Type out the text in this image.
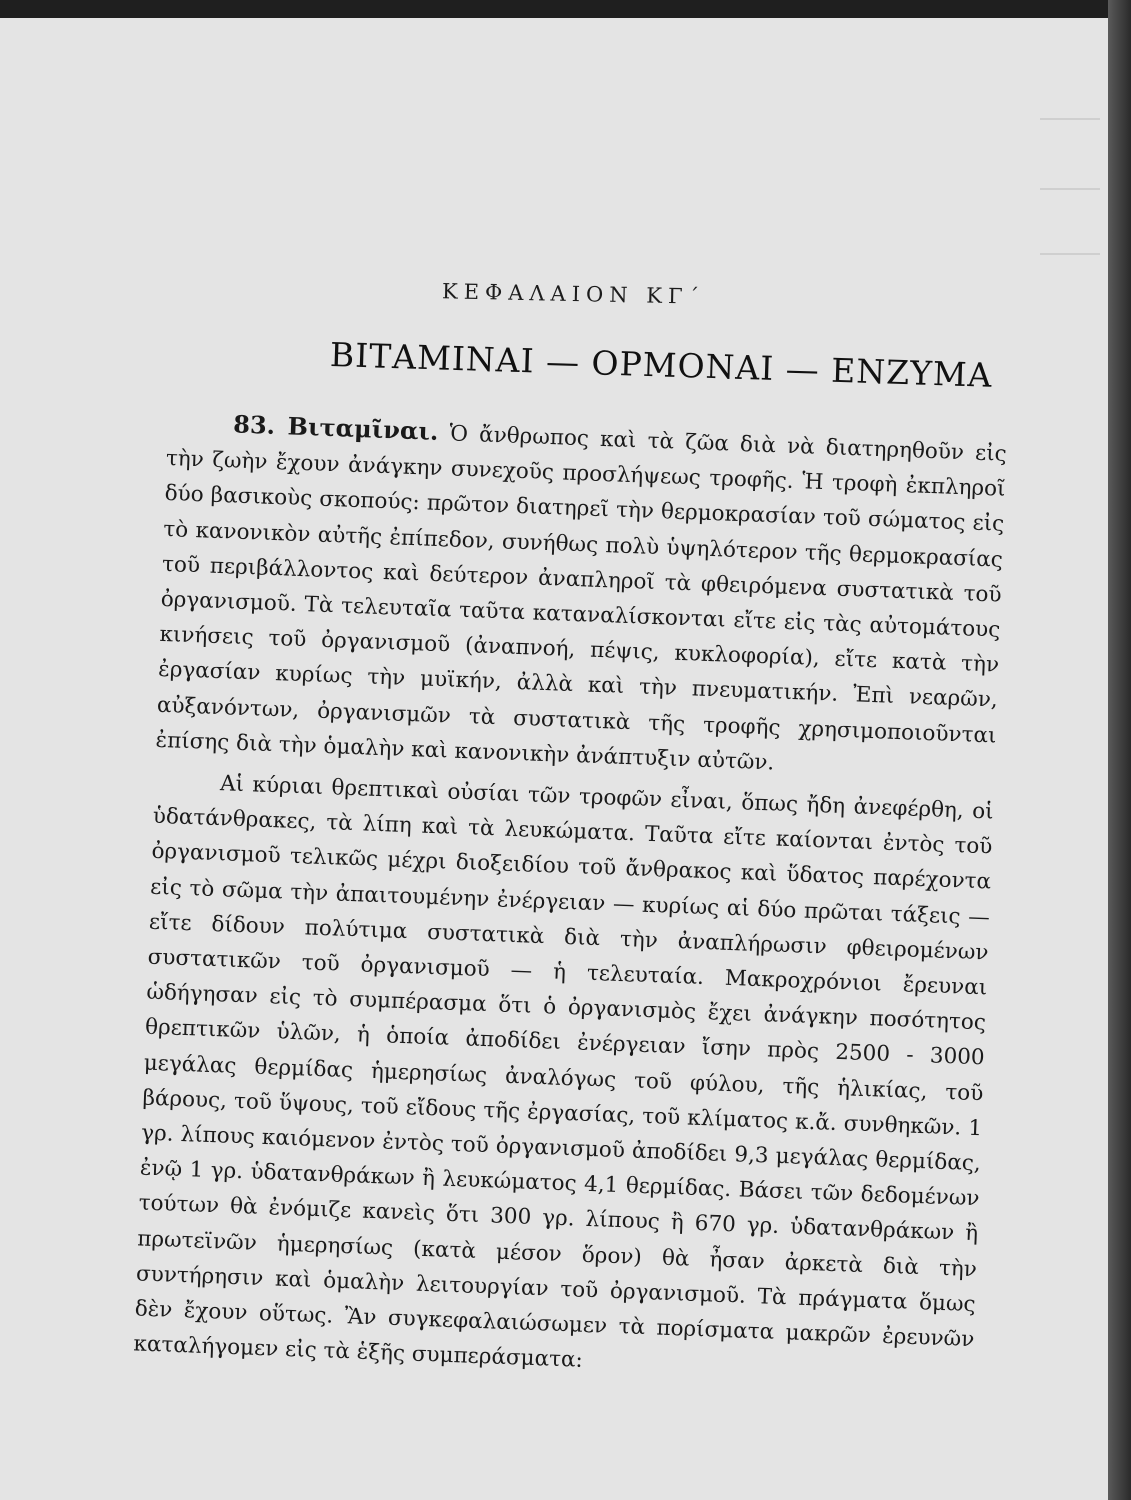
ΚΕΦΑΛΑΙΟΝ ΚΓ΄
ΒΙΤΑΜΙΝΑΙ — ΟΡΜΟΝΑΙ — ΕΝΖΥΜΑ

83. Βιταμῖναι. Ὁ ἄνθρωπος καὶ τὰ ζῶα διὰ νὰ διατηρηθοῦν εἰς τὴν ζωὴν ἔχουν ἀνάγκην συνεχοῦς προσλήψεως τροφῆς. Ἡ τροφὴ ἐκπληροῖ δύο βασικοὺς σκοπούς: πρῶτον διατηρεῖ τὴν θερμοκρασίαν τοῦ σώματος εἰς τὸ κανονικὸν αὐτῆς ἐπίπεδον, συνήθως πολὺ ὑψηλότερον τῆς θερμοκρασίας τοῦ περιβάλλοντος καὶ δεύτερον ἀναπληροῖ τὰ φθειρόμενα συστατικὰ τοῦ ὀργανισμοῦ. Τὰ τελευταῖα ταῦτα καταναλίσκονται εἴτε εἰς τὰς αὐτομάτους κινήσεις τοῦ ὀργανισμοῦ (ἀναπνοή, πέψις, κυκλοφορία), εἴτε κατὰ τὴν ἐργασίαν κυρίως τὴν μυϊκήν, ἀλλὰ καὶ τὴν πνευματικήν. Ἐπὶ νεαρῶν, αὐξανόντων, ὀργανισμῶν τὰ συστατικὰ τῆς τροφῆς χρησιμοποιοῦνται ἐπίσης διὰ τὴν ὁμαλὴν καὶ κανονικὴν ἀνάπτυξιν αὐτῶν.

Αἱ κύριαι θρεπτικαὶ οὐσίαι τῶν τροφῶν εἶναι, ὅπως ἤδη ἀνεφέρθη, οἱ ὑδατάνθρακες, τὰ λίπη καὶ τὰ λευκώματα. Ταῦτα εἴτε καίονται ἐντὸς τοῦ ὀργανισμοῦ τελικῶς μέχρι διοξειδίου τοῦ ἄνθρακος καὶ ὕδατος παρέχοντα εἰς τὸ σῶμα τὴν ἀπαιτουμένην ἐνέργειαν — κυρίως αἱ δύο πρῶται τάξεις — εἴτε δίδουν πολύτιμα συστατικὰ διὰ τὴν ἀναπλήρωσιν φθειρομένων συστατικῶν τοῦ ὀργανισμοῦ — ἡ τελευταία. Μακροχρόνιοι ἔρευναι ὡδήγησαν εἰς τὸ συμπέρασμα ὅτι ὁ ὀργανισμὸς ἔχει ἀνάγκην ποσότητος θρεπτικῶν ὑλῶν, ἡ ὁποία ἀποδίδει ἐνέργειαν ἴσην πρὸς 2500 - 3000 μεγάλας θερμίδας ἡμερησίως ἀναλόγως τοῦ φύλου, τῆς ἡλικίας, τοῦ βάρους, τοῦ ὕψους, τοῦ εἴδους τῆς ἐργασίας, τοῦ κλίματος κ.ἄ. συνθηκῶν. 1 γρ. λίπους καιόμενον ἐντὸς τοῦ ὀργανισμοῦ ἀποδίδει 9,3 μεγάλας θερμίδας, ἐνῷ 1 γρ. ὑδατανθράκων ἢ λευκώματος 4,1 θερμίδας. Βάσει τῶν δεδομένων τούτων θὰ ἐνόμιζε κανεὶς ὅτι 300 γρ. λίπους ἢ 670 γρ. ὑδατανθράκων ἢ πρωτεϊνῶν ἡμερησίως (κατὰ μέσον ὅρον) θὰ ἦσαν ἀρκετὰ διὰ τὴν συντήρησιν καὶ ὁμαλὴν λειτουργίαν τοῦ ὀργανισμοῦ. Τὰ πράγματα ὅμως δὲν ἔχουν οὕτως. Ἂν συγκεφαλαιώσωμεν τὰ πορίσματα μακρῶν ἐρευνῶν καταλήγομεν εἰς τὰ ἑξῆς συμπεράσματα:
